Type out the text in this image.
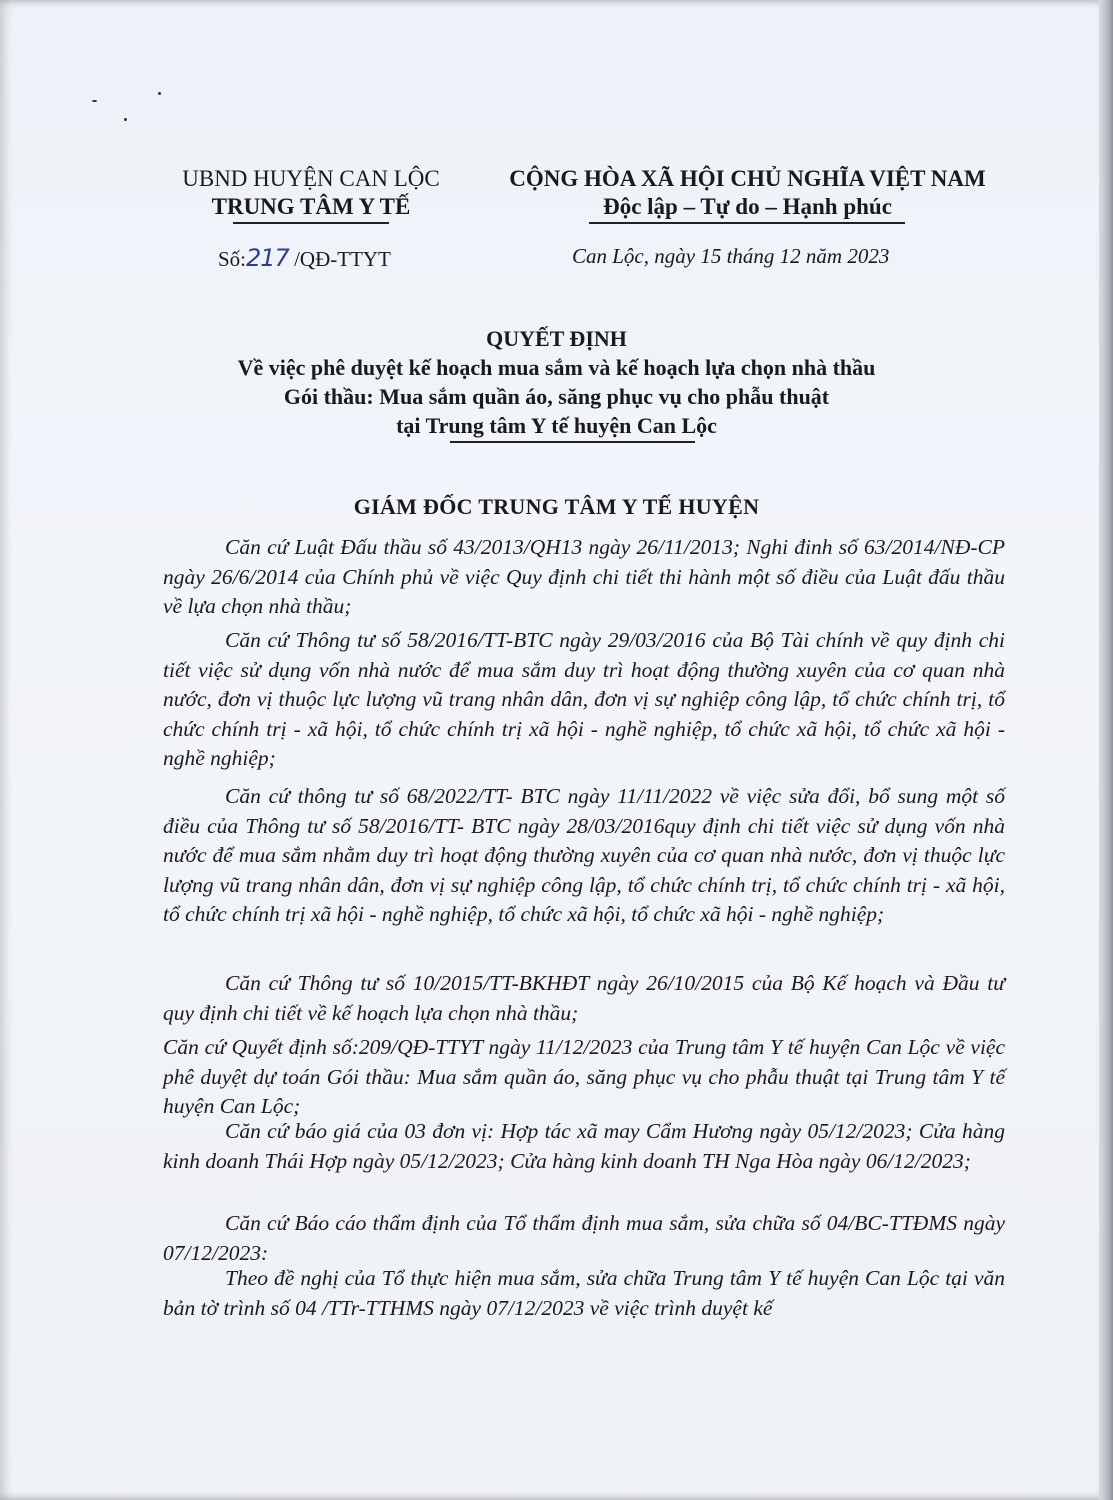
UBND HUYỆN CAN LỘC
TRUNG TÂM Y TẾ
CỘNG HÒA XÃ HỘI CHỦ NGHĨA VIỆT NAM
Độc lập – Tự do – Hạnh phúc
Số:217 /QĐ-TTYT	Can Lộc, ngày 15 tháng 12 năm 2023
QUYẾT ĐỊNH
Về việc phê duyệt kế hoạch mua sắm và kế hoạch lựa chọn nhà thầu
Gói thầu: Mua sắm quần áo, săng phục vụ cho phẫu thuật
tại Trung tâm Y tế huyện Can Lộc
GIÁM ĐỐC TRUNG TÂM Y TẾ HUYỆN
Căn cứ Luật Đấu thầu số 43/2013/QH13 ngày 26/11/2013; Nghi đinh số 63/2014/NĐ-CP ngày 26/6/2014 của Chính phủ về việc Quy định chi tiết thi hành một số điều của Luật đấu thầu về lựa chọn nhà thầu;
Căn cứ Thông tư số 58/2016/TT-BTC ngày 29/03/2016 của Bộ Tài chính về quy định chi tiết việc sử dụng vốn nhà nước để mua sắm duy trì hoạt động thường xuyên của cơ quan nhà nước, đơn vị thuộc lực lượng vũ trang nhân dân, đơn vị sự nghiệp công lập, tổ chức chính trị, tổ chức chính trị - xã hội, tổ chức chính trị xã hội - nghề nghiệp, tổ chức xã hội, tổ chức xã hội - nghề nghiệp;
Căn cứ thông tư số 68/2022/TT- BTC ngày 11/11/2022 về việc sửa đổi, bổ sung một số điều của Thông tư số 58/2016/TT- BTC ngày 28/03/2016quy định chi tiết việc sử dụng vốn nhà nước để mua sắm nhằm duy trì hoạt động thường xuyên của cơ quan nhà nước, đơn vị thuộc lực lượng vũ trang nhân dân, đơn vị sự nghiệp công lập, tổ chức chính trị, tổ chức chính trị - xã hội, tổ chức chính trị xã hội - nghề nghiệp, tổ chức xã hội, tổ chức xã hội - nghề nghiệp;
Căn cứ Thông tư số 10/2015/TT-BKHĐT ngày 26/10/2015 của Bộ Kế hoạch và Đầu tư quy định chi tiết về kế hoạch lựa chọn nhà thầu;
Căn cứ Quyết định số:209/QĐ-TTYT ngày 11/12/2023 của Trung tâm Y tế huyện Can Lộc về việc phê duyệt dự toán Gói thầu: Mua sắm quần áo, săng phục vụ cho phẫu thuật tại Trung tâm Y tế huyện Can Lộc;
Căn cứ báo giá của 03 đơn vị: Hợp tác xã may Cẩm Hương ngày 05/12/2023; Cửa hàng kinh doanh Thái Hợp ngày 05/12/2023; Cửa hàng kinh doanh TH Nga Hòa ngày 06/12/2023;
Căn cứ Báo cáo thẩm định của Tổ thẩm định mua sắm, sửa chữa số 04/BC-TTĐMS ngày 07/12/2023:
Theo đề nghị của Tổ thực hiện mua sắm, sửa chữa Trung tâm Y tế huyện Can Lộc tại văn bản tờ trình số 04 /TTr-TTHMS ngày 07/12/2023 về việc trình duyệt kế
